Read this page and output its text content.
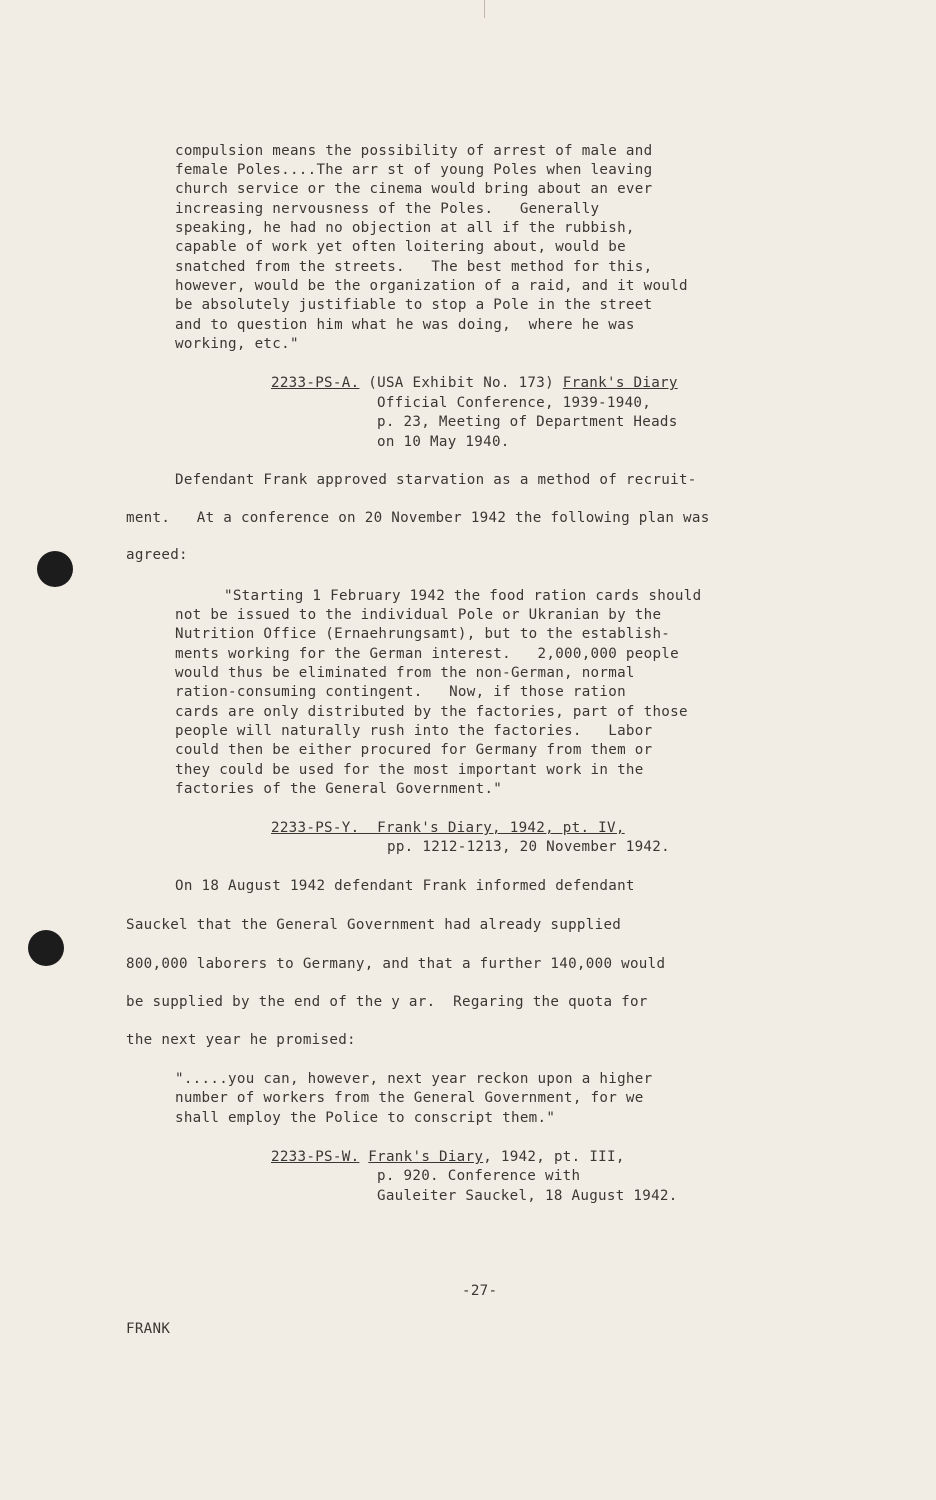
compulsion means the possibility of arrest of male and
female Poles....The arr st of young Poles when leaving
church service or the cinema would bring about an ever
increasing nervousness of the Poles.   Generally
speaking, he had no objection at all if the rubbish,
capable of work yet often loitering about, would be
snatched from the streets.   The best method for this,
however, would be the organization of a raid, and it would
be absolutely justifiable to stop a Pole in the street
and to question him what he was doing,  where he was
working, etc."
2233-PS-A. (USA Exhibit No. 173) Frank's Diary
Official Conference, 1939-1940,
p. 23, Meeting of Department Heads
on 10 May 1940.
Defendant Frank approved starvation as a method of recruit-
ment.   At a conference on 20 November 1942 the following plan was
agreed:
"Starting 1 February 1942 the food ration cards should
not be issued to the individual Pole or Ukranian by the
Nutrition Office (Ernaehrungsamt), but to the establish-
ments working for the German interest.   2,000,000 people
would thus be eliminated from the non-German, normal
ration-consuming contingent.   Now, if those ration
cards are only distributed by the factories, part of those
people will naturally rush into the factories.   Labor
could then be either procured for Germany from them or
they could be used for the most important work in the
factories of the General Government."
2233-PS-Y.  Frank's Diary, 1942, pt. IV,
pp. 1212-1213, 20 November 1942.
On 18 August 1942 defendant Frank informed defendant
Sauckel that the General Government had already supplied
800,000 laborers to Germany, and that a further 140,000 would
be supplied by the end of the y ar.  Regaring the quota for
the next year he promised:
".....you can, however, next year reckon upon a higher
number of workers from the General Government, for we
shall employ the Police to conscript them."
2233-PS-W. Frank's Diary, 1942, pt. III,
p. 920. Conference with
Gauleiter Sauckel, 18 August 1942.
-27-
FRANK
